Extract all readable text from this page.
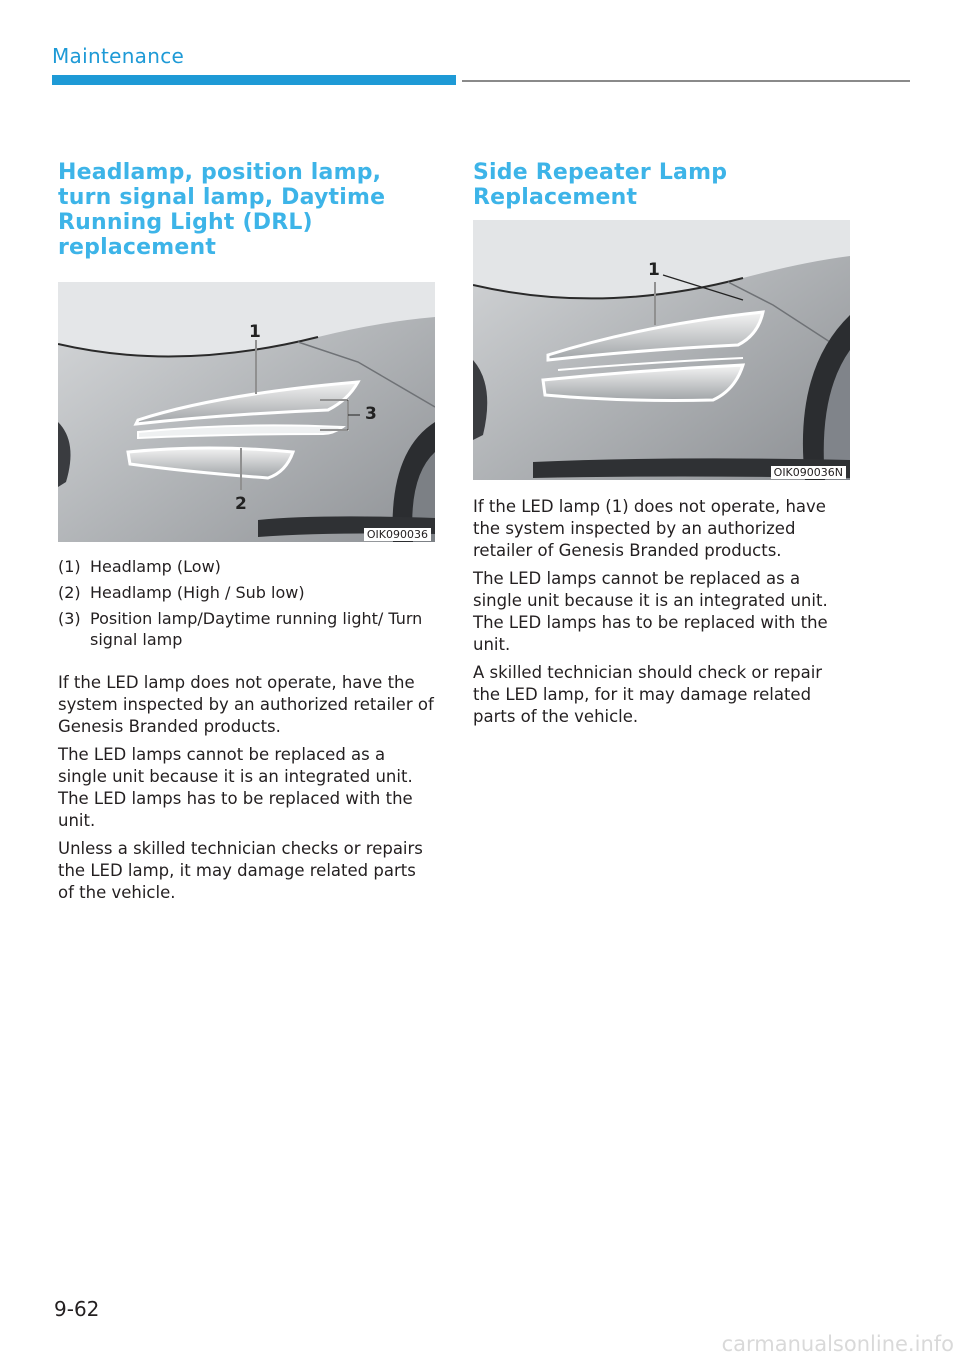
Maintenance
Headlamp, position lamp, turn signal lamp, Daytime Running Light (DRL) replacement
1
2
3
OIK090036
(1) Headlamp (Low)
(2) Headlamp (High / Sub low)
(3) Position lamp/Daytime running light/ Turn signal lamp

If the LED lamp does not operate, have the system inspected by an authorized retailer of Genesis Branded products.

The LED lamps cannot be replaced as a single unit because it is an integrated unit. The LED lamps has to be replaced with the unit.

Unless a skilled technician checks or repairs the LED lamp, it may damage related parts of the vehicle.

Side Repeater Lamp Replacement
1
OIK090036N

If the LED lamp (1) does not operate, have the system inspected by an authorized retailer of Genesis Branded products.

The LED lamps cannot be replaced as a single unit because it is an integrated unit. The LED lamps has to be replaced with the unit.

A skilled technician should check or repair the LED lamp, for it may damage related parts of the vehicle.

9-62
carmanualsonline.info
